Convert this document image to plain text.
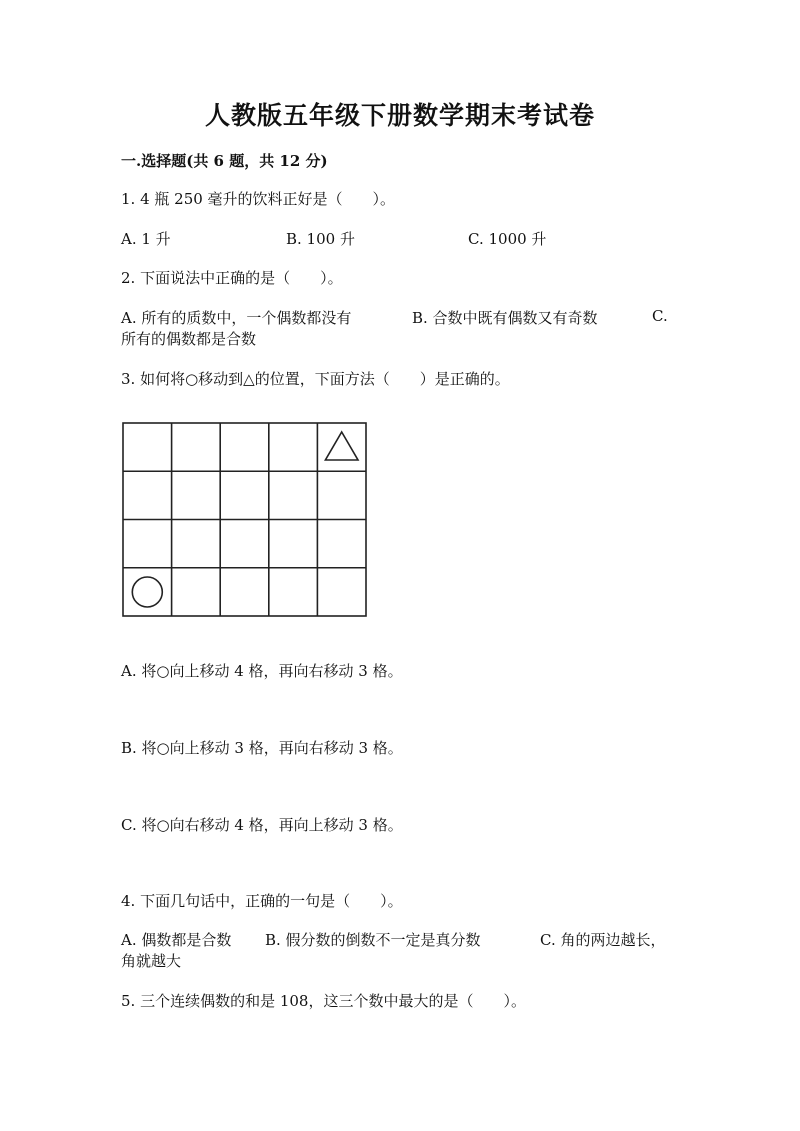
人教版五年级下册数学期末考试卷
一.选择题(共 6 题，共 12 分)
1. 4 瓶 250 毫升的饮料正好是（　　）。
A. 1 升	B. 100 升	C. 1000 升
2. 下面说法中正确的是（　　）。
A. 所有的质数中，一个偶数都没有	B. 合数中既有偶数又有奇数	C.
所有的偶数都是合数
3. 如何将○移动到△的位置，下面方法（　　）是正确的。
A. 将○向上移动 4 格，再向右移动 3 格。
B. 将○向上移动 3 格，再向右移动 3 格。
C. 将○向右移动 4 格，再向上移动 3 格。
4. 下面几句话中，正确的一句是（　　）。
A. 偶数都是合数 B. 假分数的倒数不一定是真分数	C. 角的两边越长，
角就越大
5. 三个连续偶数的和是 108，这三个数中最大的是（　　）。
